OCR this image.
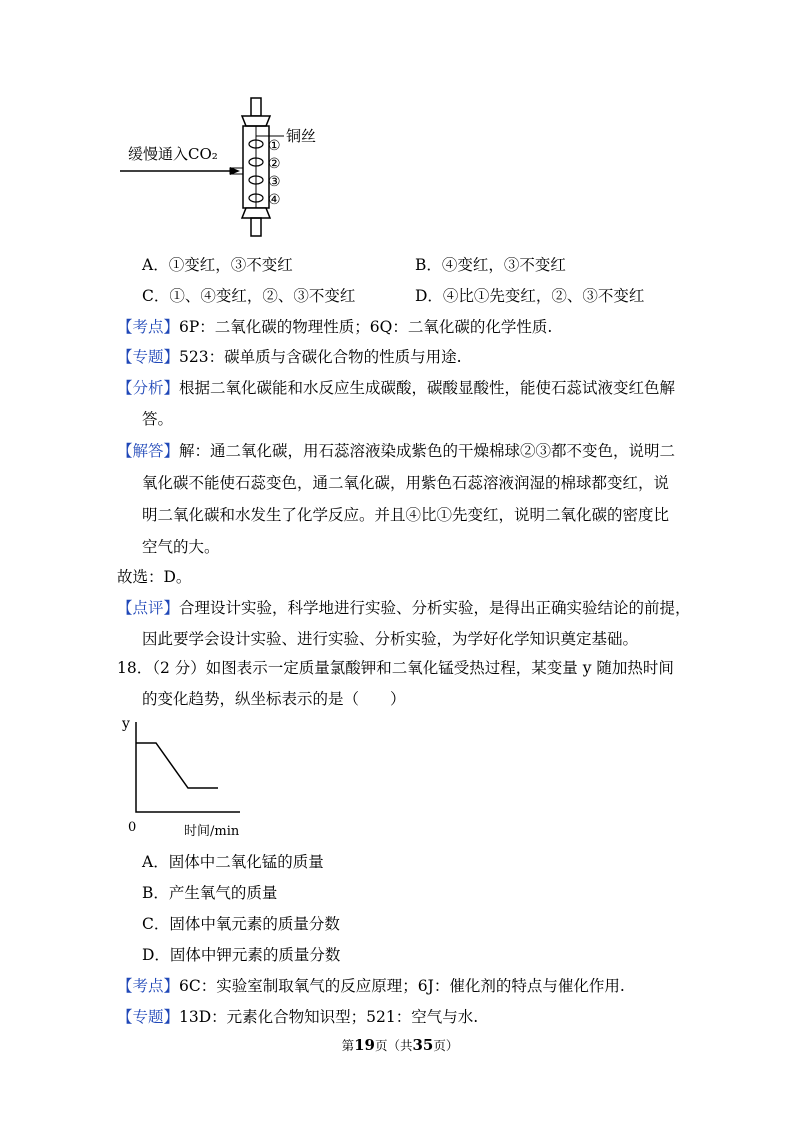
缓慢通入CO₂
铜丝
①
②
③
④
A．①变红，③不变红	B．④变红，③不变红
C．①、④变红，②、③不变红	D．④比①先变红，②、③不变红
【考点】6P：二氧化碳的物理性质；6Q：二氧化碳的化学性质.
【专题】523：碳单质与含碳化合物的性质与用途.
【分析】根据二氧化碳能和水反应生成碳酸，碳酸显酸性，能使石蕊试液变红色解
答。
【解答】解：通二氧化碳，用石蕊溶液染成紫色的干燥棉球②③都不变色，说明二
氧化碳不能使石蕊变色，通二氧化碳，用紫色石蕊溶液润湿的棉球都变红，说
明二氧化碳和水发生了化学反应。并且④比①先变红，说明二氧化碳的密度比
空气的大。
故选：D。
【点评】合理设计实验，科学地进行实验、分析实验，是得出正确实验结论的前提，
因此要学会设计实验、进行实验、分析实验，为学好化学知识奠定基础。
18．（2 分）如图表示一定质量氯酸钾和二氧化锰受热过程，某变量 y 随加热时间
的变化趋势，纵坐标表示的是（　　）
y
0	时间/min
A．固体中二氧化锰的质量
B．产生氧气的质量
C．固体中氧元素的质量分数
D．固体中钾元素的质量分数
【考点】6C：实验室制取氧气的反应原理；6J：催化剂的特点与催化作用.
【专题】13D：元素化合物知识型；521：空气与水.
第19页（共35页）
